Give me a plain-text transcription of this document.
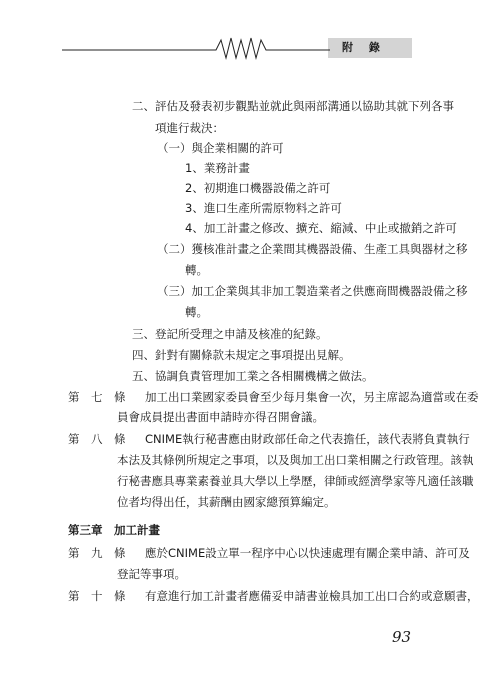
附 錄
二、評估及發表初步觀點並就此與兩部溝通以協助其就下列各事
項進行裁決：
（一）與企業相關的許可
1、業務計畫
2、初期進口機器設備之許可
3、進口生產所需原物料之許可
4、加工計畫之修改、擴充、縮減、中止或撤銷之許可
（二）獲核准計畫之企業間其機器設備、生產工具與器材之移
轉。
（三）加工企業與其非加工製造業者之供應商間機器設備之移
轉。
三、登記所受理之申請及核准的紀錄。
四、針對有關條款未規定之事項提出見解。
五、協調負責管理加工業之各相關機構之做法。
第　七　條 加工出口業國家委員會至少每月集會一次，另主席認為適當或在委
員會成員提出書面申請時亦得召開會議。
第　八　條 CNIME執行秘書應由財政部任命之代表擔任，該代表將負責執行
本法及其條例所規定之事項，以及與加工出口業相關之行政管理。該執
行秘書應具專業素養並具大學以上學歷，律師或經濟學家等凡適任該職
位者均得出任，其薪酬由國家總預算編定。
第三章　加工計畫
第　九　條 應於CNIME設立單一程序中心以快速處理有關企業申請、許可及
登記等事項。
第　十　條 有意進行加工計畫者應備妥申請書並檢具加工出口合約或意願書，
93
